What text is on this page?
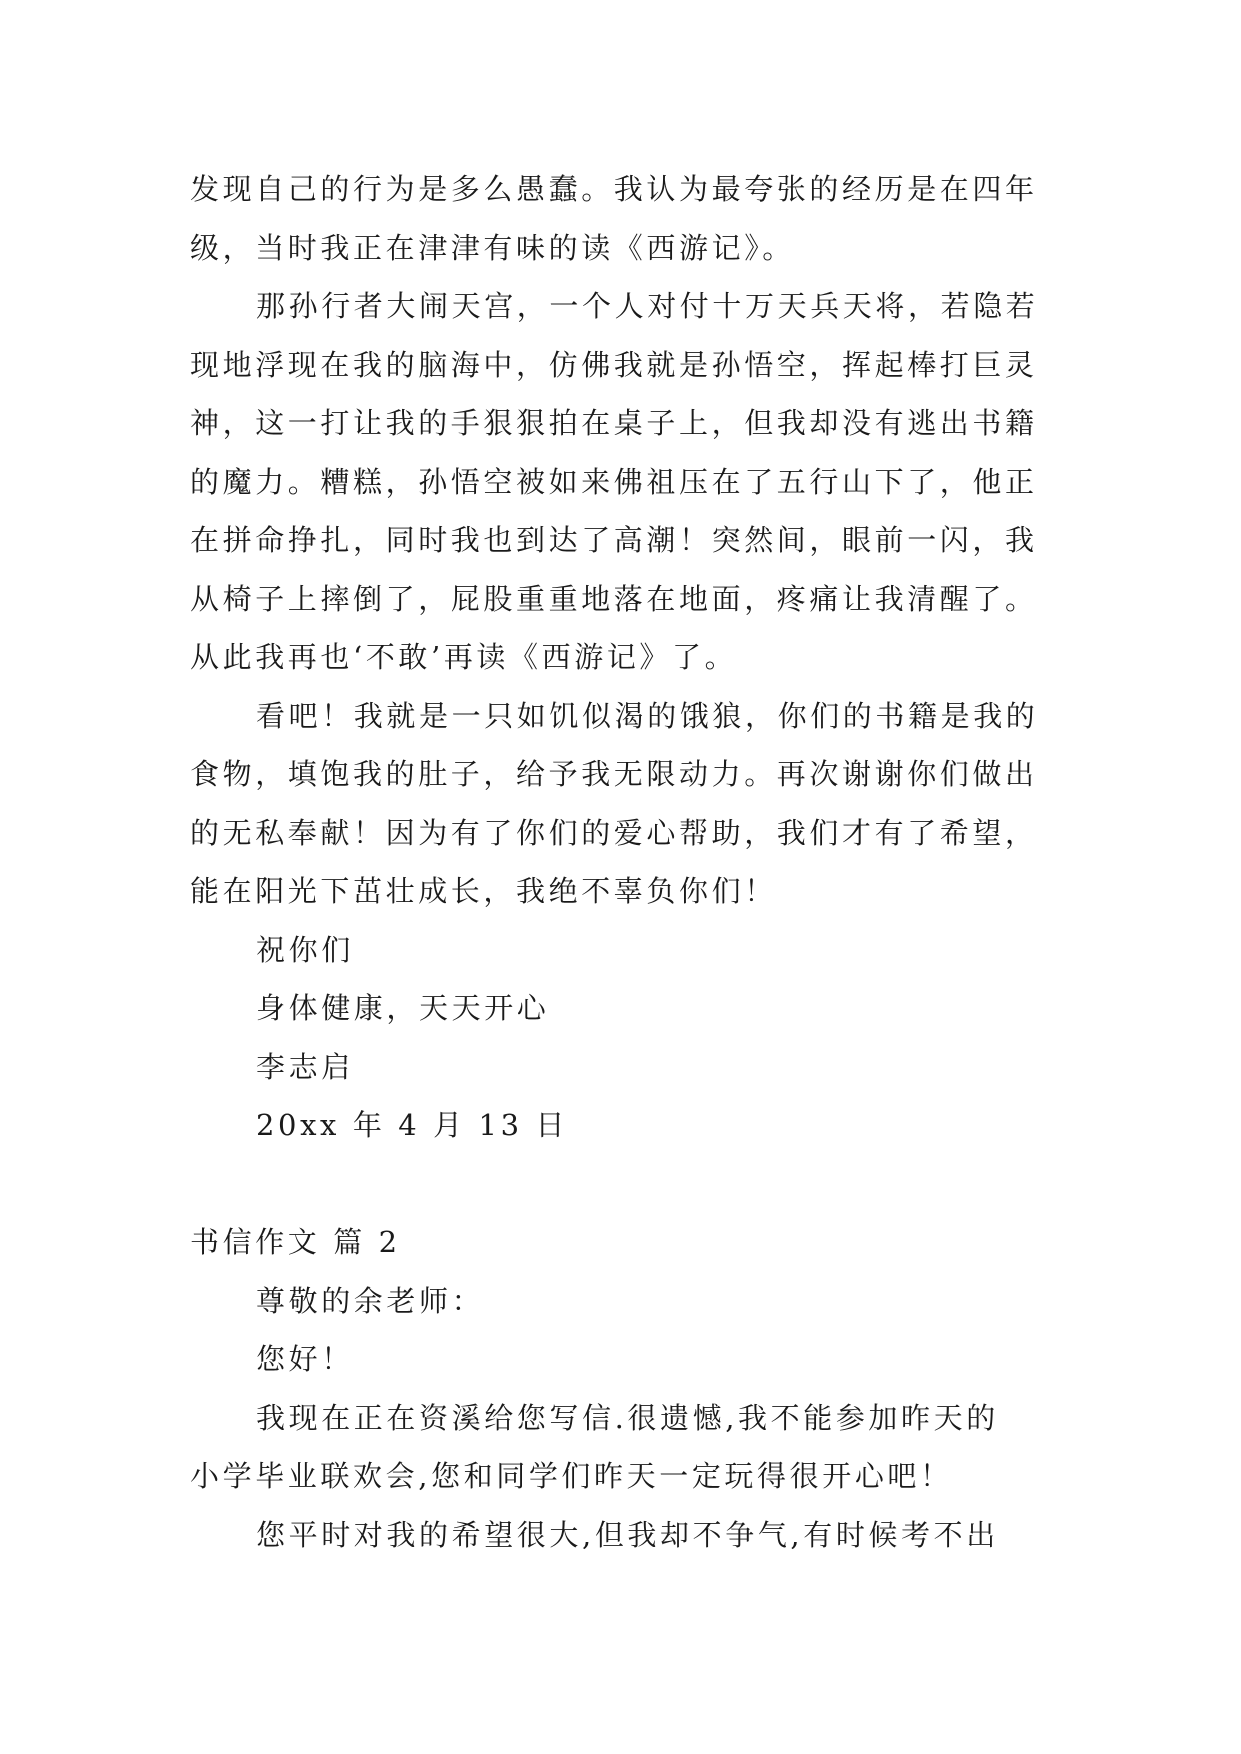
发现自己的行为是多么愚蠢。我认为最夸张的经历是在四年
级，当时我正在津津有味的读《西游记》。
那孙行者大闹天宫，一个人对付十万天兵天将，若隐若
现地浮现在我的脑海中，仿佛我就是孙悟空，挥起棒打巨灵
神，这一打让我的手狠狠拍在桌子上，但我却没有逃出书籍
的魔力。糟糕，孙悟空被如来佛祖压在了五行山下了，他正
在拼命挣扎，同时我也到达了高潮！突然间，眼前一闪，我
从椅子上摔倒了，屁股重重地落在地面，疼痛让我清醒了。
从此我再也‘不敢’再读《西游记》了。
看吧！我就是一只如饥似渴的饿狼，你们的书籍是我的
食物，填饱我的肚子，给予我无限动力。再次谢谢你们做出
的无私奉献！因为有了你们的爱心帮助，我们才有了希望，
能在阳光下茁壮成长，我绝不辜负你们！
祝你们
身体健康，天天开心
李志启
20xx 年 4 月 13 日
书信作文 篇 2
尊敬的余老师：
您好！
我现在正在资溪给您写信.很遗憾,我不能参加昨天的
小学毕业联欢会,您和同学们昨天一定玩得很开心吧！
您平时对我的希望很大,但我却不争气,有时候考不出
